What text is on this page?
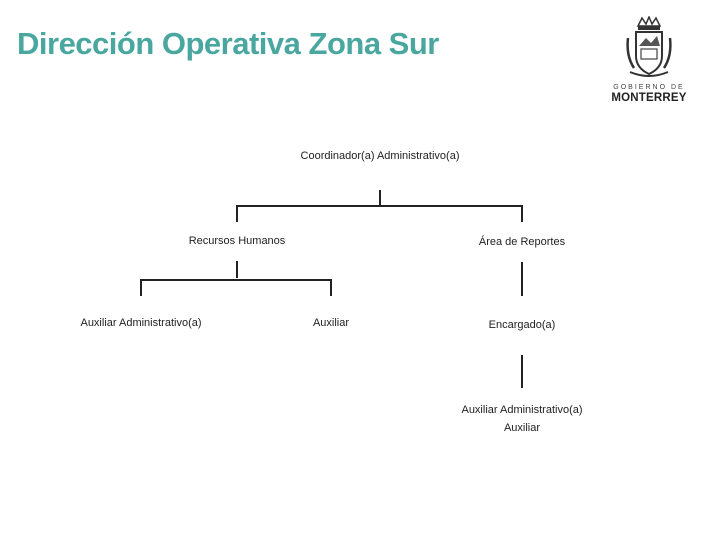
Dirección Operativa Zona Sur
GOBIERNO DE
MONTERREY
Coordinador(a) Administrativo(a)
Recursos Humanos	Área de Reportes
Auxiliar Administrativo(a)	Auxiliar	Encargado(a)
Auxiliar Administrativo(a)
Auxiliar
